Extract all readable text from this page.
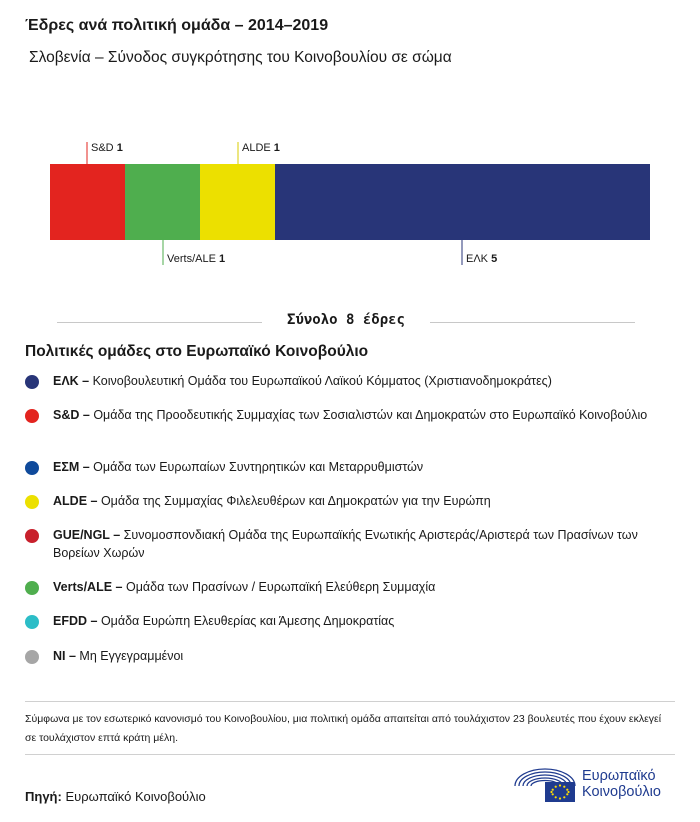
Έδρες ανά πολιτική ομάδα – 2014–2019
Σλοβενία – Σύνοδος συγκρότησης του Κοινοβουλίου σε σώμα
S&D 1
Verts/ALE 1
ALDE 1
ΕΛΚ 5
Σύνολο 8 έδρες
Πολιτικές ομάδες στο Ευρωπαϊκό Κοινοβούλιο
ΕΛΚ – Κοινοβουλευτική Ομάδα του Ευρωπαϊκού Λαϊκού Κόμματος (Χριστιανοδημοκράτες)
S&D – Ομάδα της Προοδευτικής Συμμαχίας των Σοσιαλιστών και Δημοκρατών στο Ευρωπαϊκό Κοινοβούλιο
ΕΣΜ – Ομάδα των Ευρωπαίων Συντηρητικών και Μεταρρυθμιστών
ALDE – Ομάδα της Συμμαχίας Φιλελευθέρων και Δημοκρατών για την Ευρώπη
GUE/NGL – Συνομοσπονδιακή Ομάδα της Ευρωπαϊκής Ενωτικής Αριστεράς/Αριστερά των Πρασίνων των Βορείων Χωρών
Verts/ALE – Ομάδα των Πρασίνων / Ευρωπαϊκή Ελεύθερη Συμμαχία
EFDD – Ομάδα Ευρώπη Ελευθερίας και Άμεσης Δημοκρατίας
NI – Μη Εγγεγραμμένοι
Σύμφωνα με τον εσωτερικό κανονισμό του Κοινοβουλίου, μια πολιτική ομάδα απαιτείται από τουλάχιστον 23 βουλευτές που έχουν εκλεγεί σε τουλάχιστον επτά κράτη μέλη.
Πηγή: Ευρωπαϊκό Κοινοβούλιο
Ευρωπαϊκό
Κοινοβούλιο
